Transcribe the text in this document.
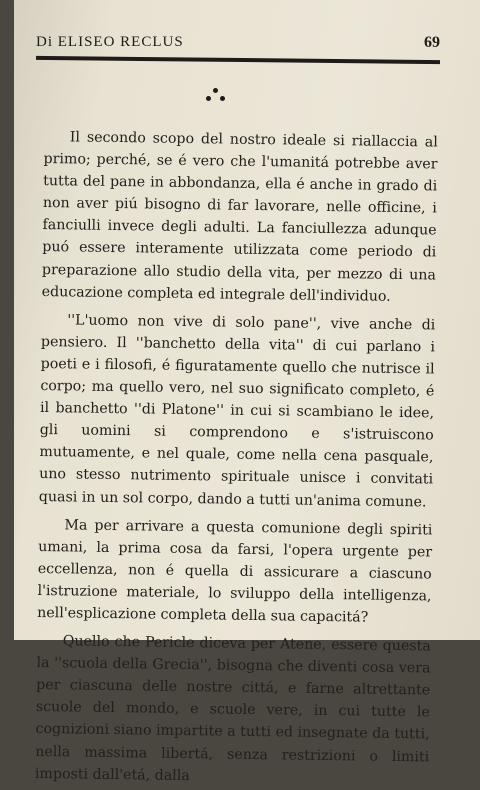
Di ELISEO RECLUS	69

Il secondo scopo del nostro ideale si riallaccia al primo; perché, se é vero che l'umanitá potrebbe aver tutta del pane in abbondanza, ella é anche in grado di non aver piú bisogno di far lavorare, nelle officine, i fanciulli invece degli adulti. La fanciullezza adunque puó essere interamente utilizzata come periodo di preparazione allo studio della vita, per mezzo di una educazione completa ed integrale dell'individuo.

''L'uomo non vive di solo pane'', vive anche di pensiero. Il ''banchetto della vita'' di cui parlano i poeti e i filosofi, é figuratamente quello che nutrisce il corpo; ma quello vero, nel suo significato completo, é il banchetto ''di Platone'' in cui si scambiano le idee, gli uomini si comprendono e s'istruiscono mutuamente, e nel quale, come nella cena pasquale, uno stesso nutrimento spirituale unisce i convitati quasi in un sol corpo, dando a tutti un'anima comune.

Ma per arrivare a questa comunione degli spiriti umani, la prima cosa da farsi, l'opera urgente per eccellenza, non é quella di assicurare a ciascuno l'istruzione materiale, lo sviluppo della intelligenza, nell'esplicazione completa della sua capacitá?

Quello che Pericle diceva per Atene, essere questa la ''scuola della Grecia'', bisogna che diventi cosa vera per ciascuna delle nostre cittá, e farne altrettante scuole del mondo, e scuole vere, in cui tutte le cognizioni siano impartite a tutti ed insegnate da tutti, nella massima libertá, senza restrizioni o limiti imposti dall'etá, dalla
